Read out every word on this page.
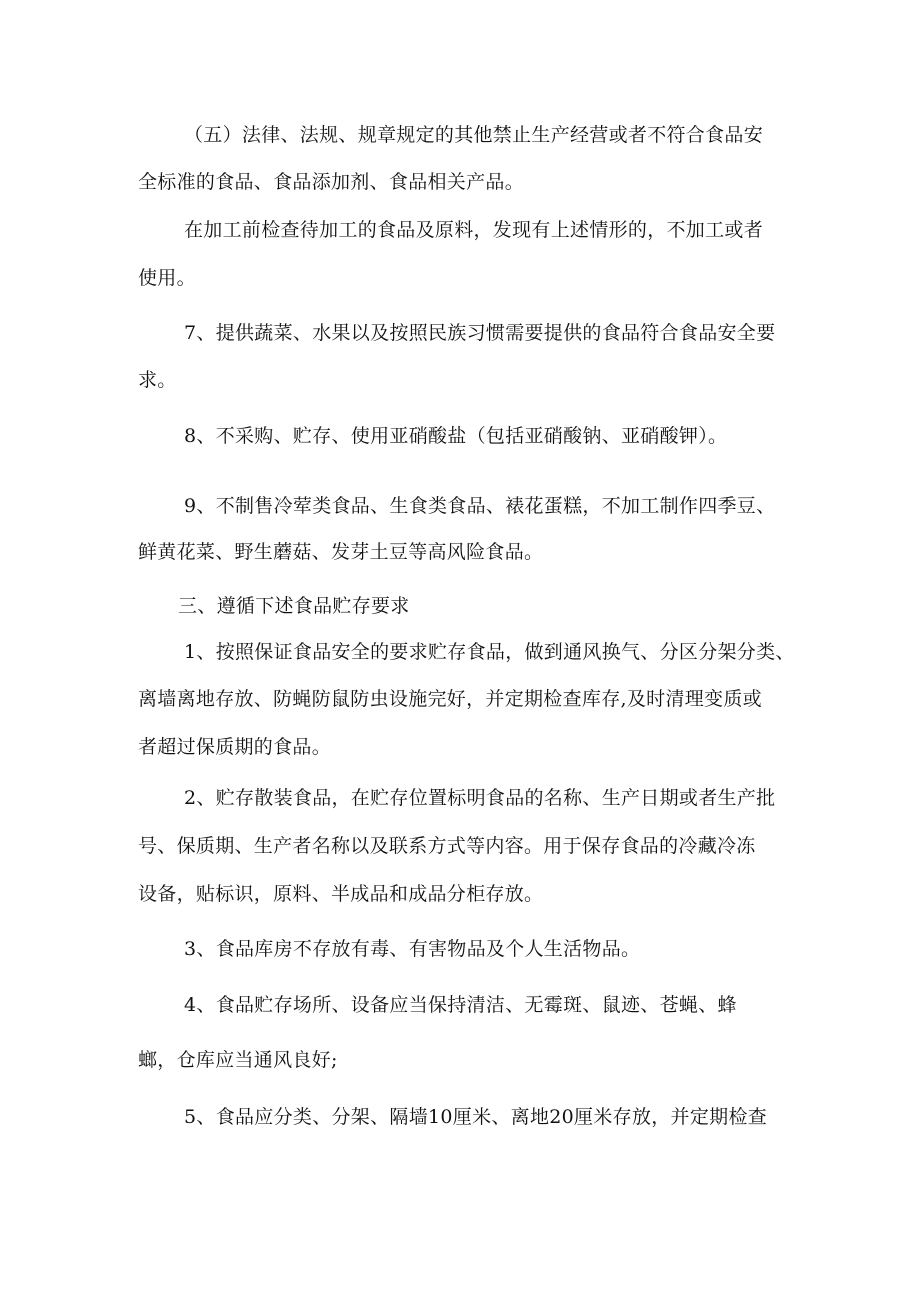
（五）法律、法规、规章规定的其他禁止生产经营或者不符合食品安
全标准的食品、食品添加剂、食品相关产品。
在加工前检查待加工的食品及原料，发现有上述情形的，不加工或者
使用。
7、提供蔬菜、水果以及按照民族习惯需要提供的食品符合食品安全要
求。
8、不采购、贮存、使用亚硝酸盐（包括亚硝酸钠、亚硝酸钾）。
9、不制售冷荤类食品、生食类食品、裱花蛋糕，不加工制作四季豆、
鲜黄花菜、野生蘑菇、发芽土豆等高风险食品。
三、遵循下述食品贮存要求
1、按照保证食品安全的要求贮存食品，做到通风换气、分区分架分类、
离墙离地存放、防蝇防鼠防虫设施完好，并定期检查库存,及时清理变质或
者超过保质期的食品。
2、贮存散装食品，在贮存位置标明食品的名称、生产日期或者生产批
号、保质期、生产者名称以及联系方式等内容。用于保存食品的冷藏冷冻
设备，贴标识，原料、半成品和成品分柜存放。
3、食品库房不存放有毒、有害物品及个人生活物品。
4、食品贮存场所、设备应当保持清洁、无霉斑、鼠迹、苍蝇、蜂
螂，仓库应当通风良好;
5、食品应分类、分架、隔墙10厘米、离地20厘米存放，并定期检查
